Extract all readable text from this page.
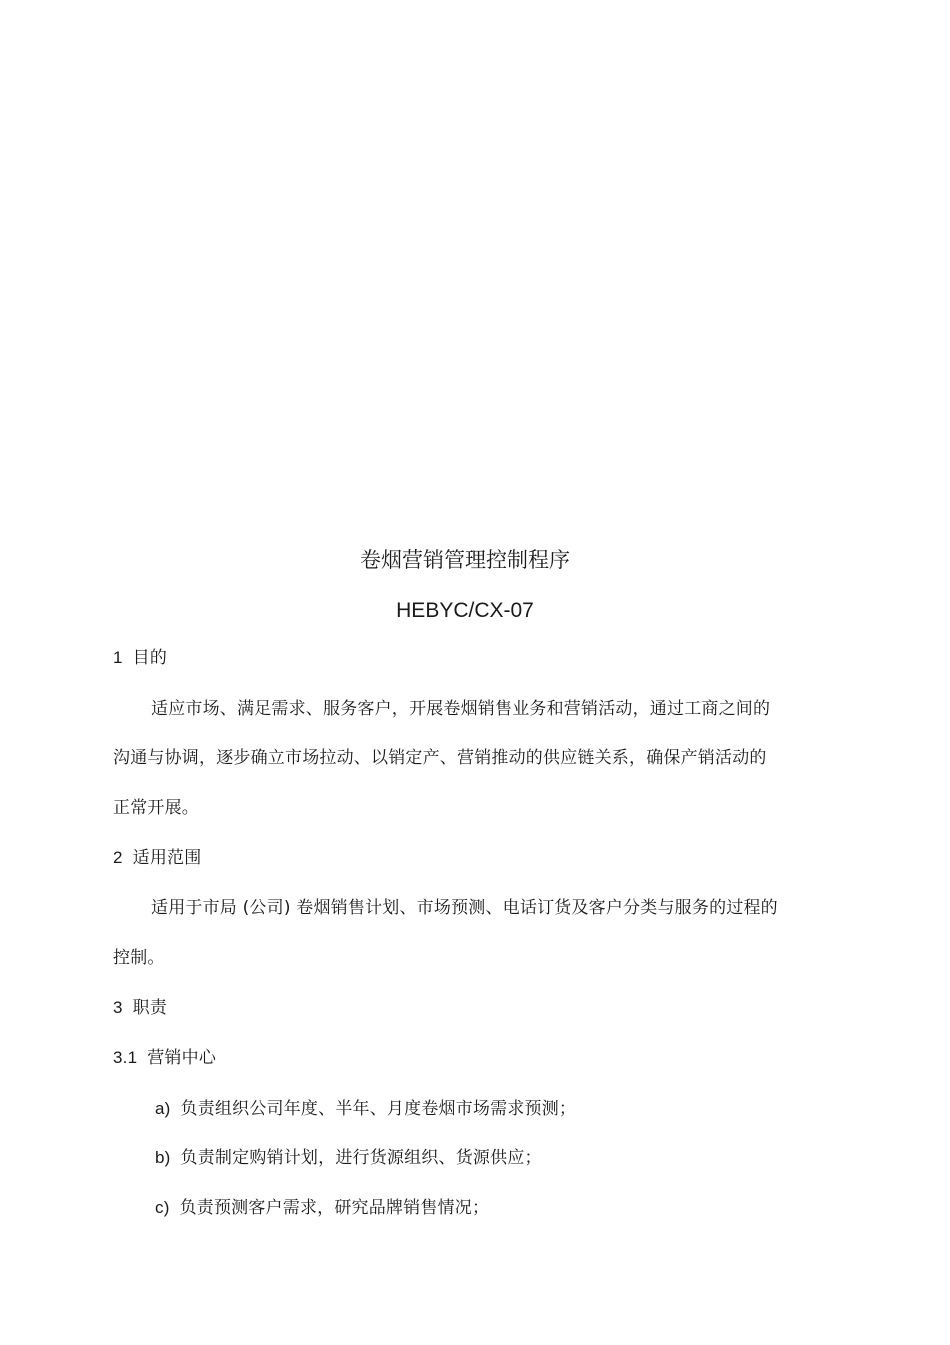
卷烟营销管理控制程序
HEBYC/CX-07
1 目的
适应市场、满足需求、服务客户，开展卷烟销售业务和营销活动，通过工商之间的
沟通与协调，逐步确立市场拉动、以销定产、营销推动的供应链关系，确保产销活动的
正常开展。
2 适用范围
适用于市局 (公司) 卷烟销售计划、市场预测、电话订货及客户分类与服务的过程的
控制。
3 职责
3.1 营销中心
a) 负责组织公司年度、半年、月度卷烟市场需求预测；
b) 负责制定购销计划，进行货源组织、货源供应；
c) 负责预测客户需求，研究品牌销售情况；
